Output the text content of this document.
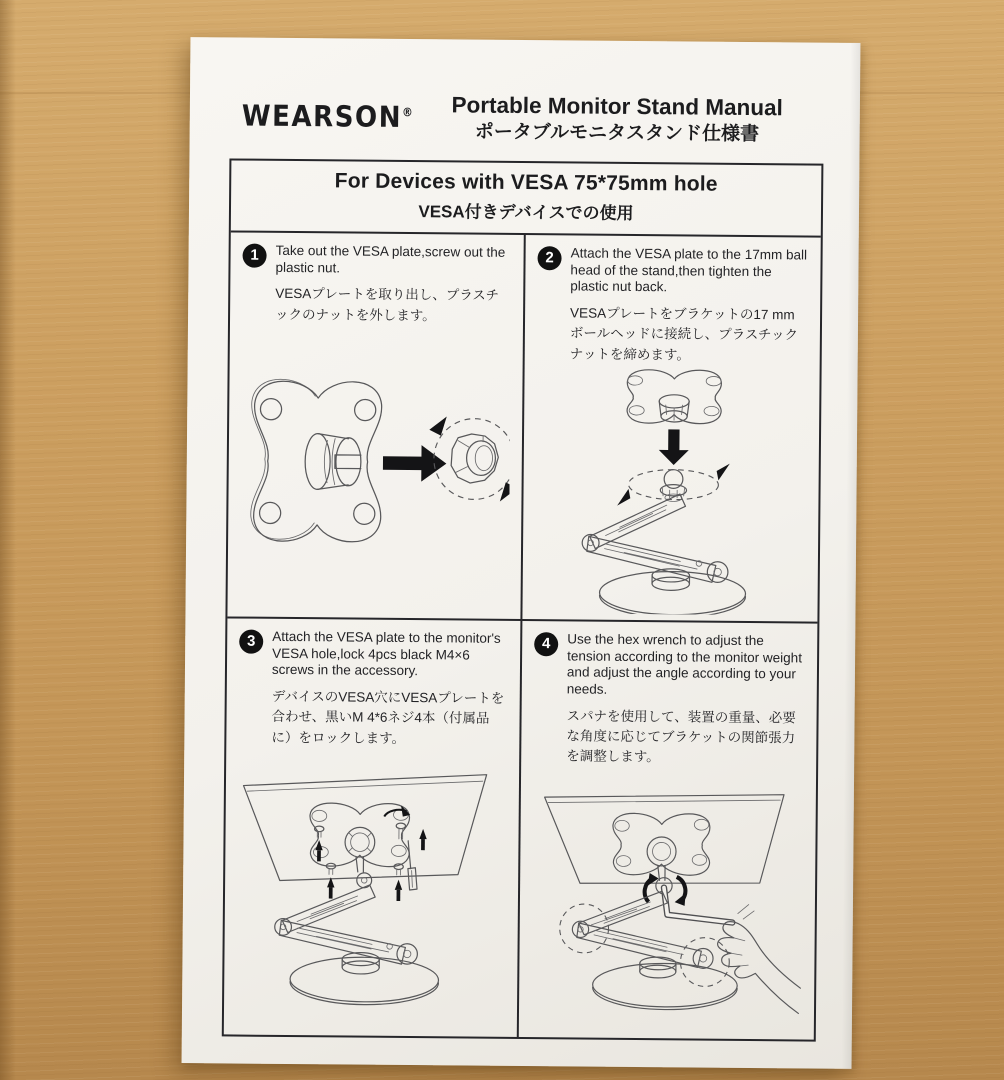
WEARSON®	Portable Monitor Stand Manual
ポータブルモニタスタンド仕様書
For Devices with VESA 75*75mm hole
VESA付きデバイスでの使用
1	Take out the VESA plate,screw out the plastic nut.
VESAプレートを取り出し、プラスチックのナットを外します。
2	Attach the VESA plate to the 17mm ball head of the stand,then tighten the plastic nut back.
VESAプレートをブラケットの17 mmボールヘッドに接続し、プラスチックナットを締めます。
3	Attach the VESA plate to the monitor's VESA hole,lock 4pcs black M4×6 screws in the accessory.
デバイスのVESA穴にVESAプレートを合わせ、黒いM 4*6ネジ4本（付属品に）をロックします。
4	Use the hex wrench to adjust the tension according to the monitor weight and adjust the angle according to your needs.
スパナを使用して、装置の重量、必要な角度に応じてブラケットの関節張力を調整します。
